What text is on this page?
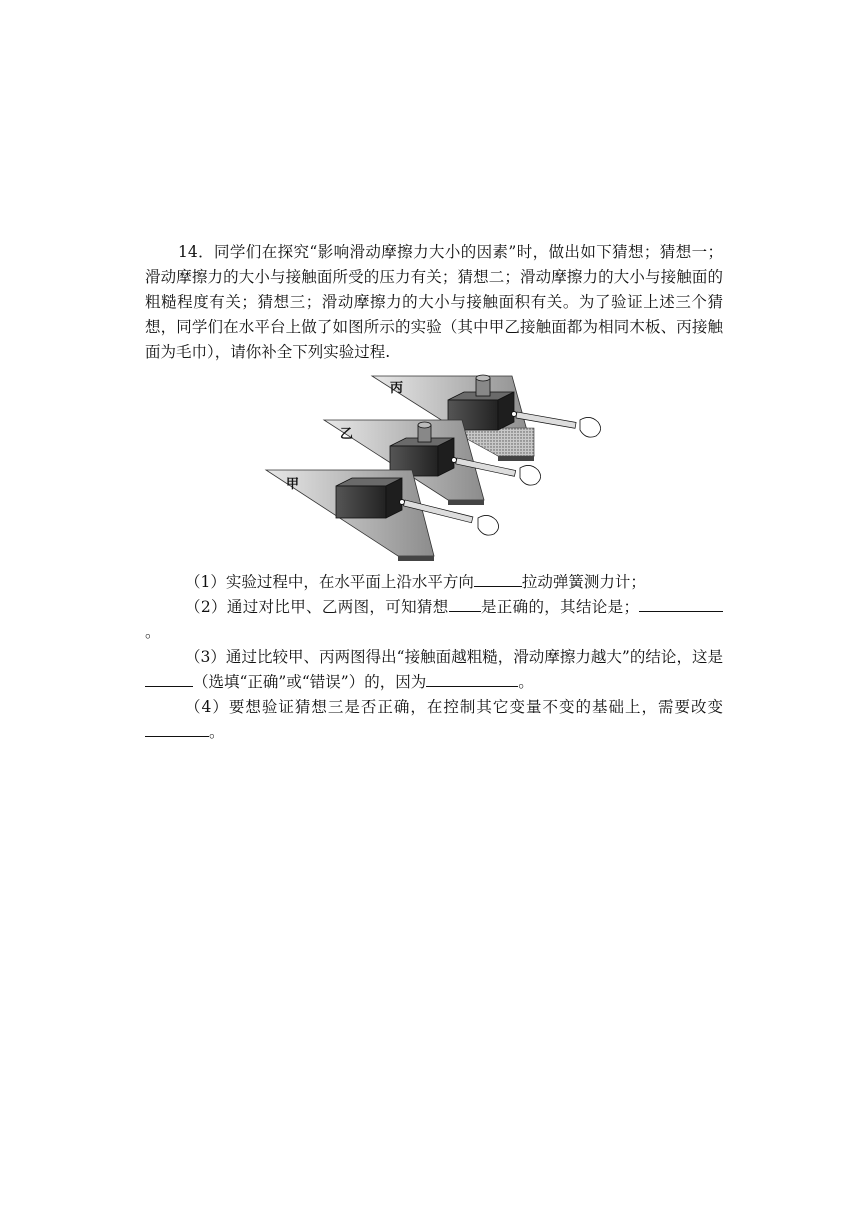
14．同学们在探究“影响滑动摩擦力大小的因素”时，做出如下猜想；猜想一；滑动摩擦力的大小与接触面所受的压力有关；猜想二；滑动摩擦力的大小与接触面的粗糙程度有关；猜想三；滑动摩擦力的大小与接触面积有关。为了验证上述三个猜想，同学们在水平台上做了如图所示的实验（其中甲乙接触面都为相同木板、丙接触面为毛巾），请你补全下列实验过程.

丙
乙
甲

（1）实验过程中，在水平面上沿水平方向	拉动弹簧测力计；

（2）通过对比甲、乙两图，可知猜想 是正确的，其结论是；。

（3）通过比较甲、丙两图得出“接触面越粗糙，滑动摩擦力越大”的结论，这是（选填“正确”或“错误”）的，因为	。

（4）要想验证猜想三是否正确，在控制其它变量不变的基础上，需要改变。
